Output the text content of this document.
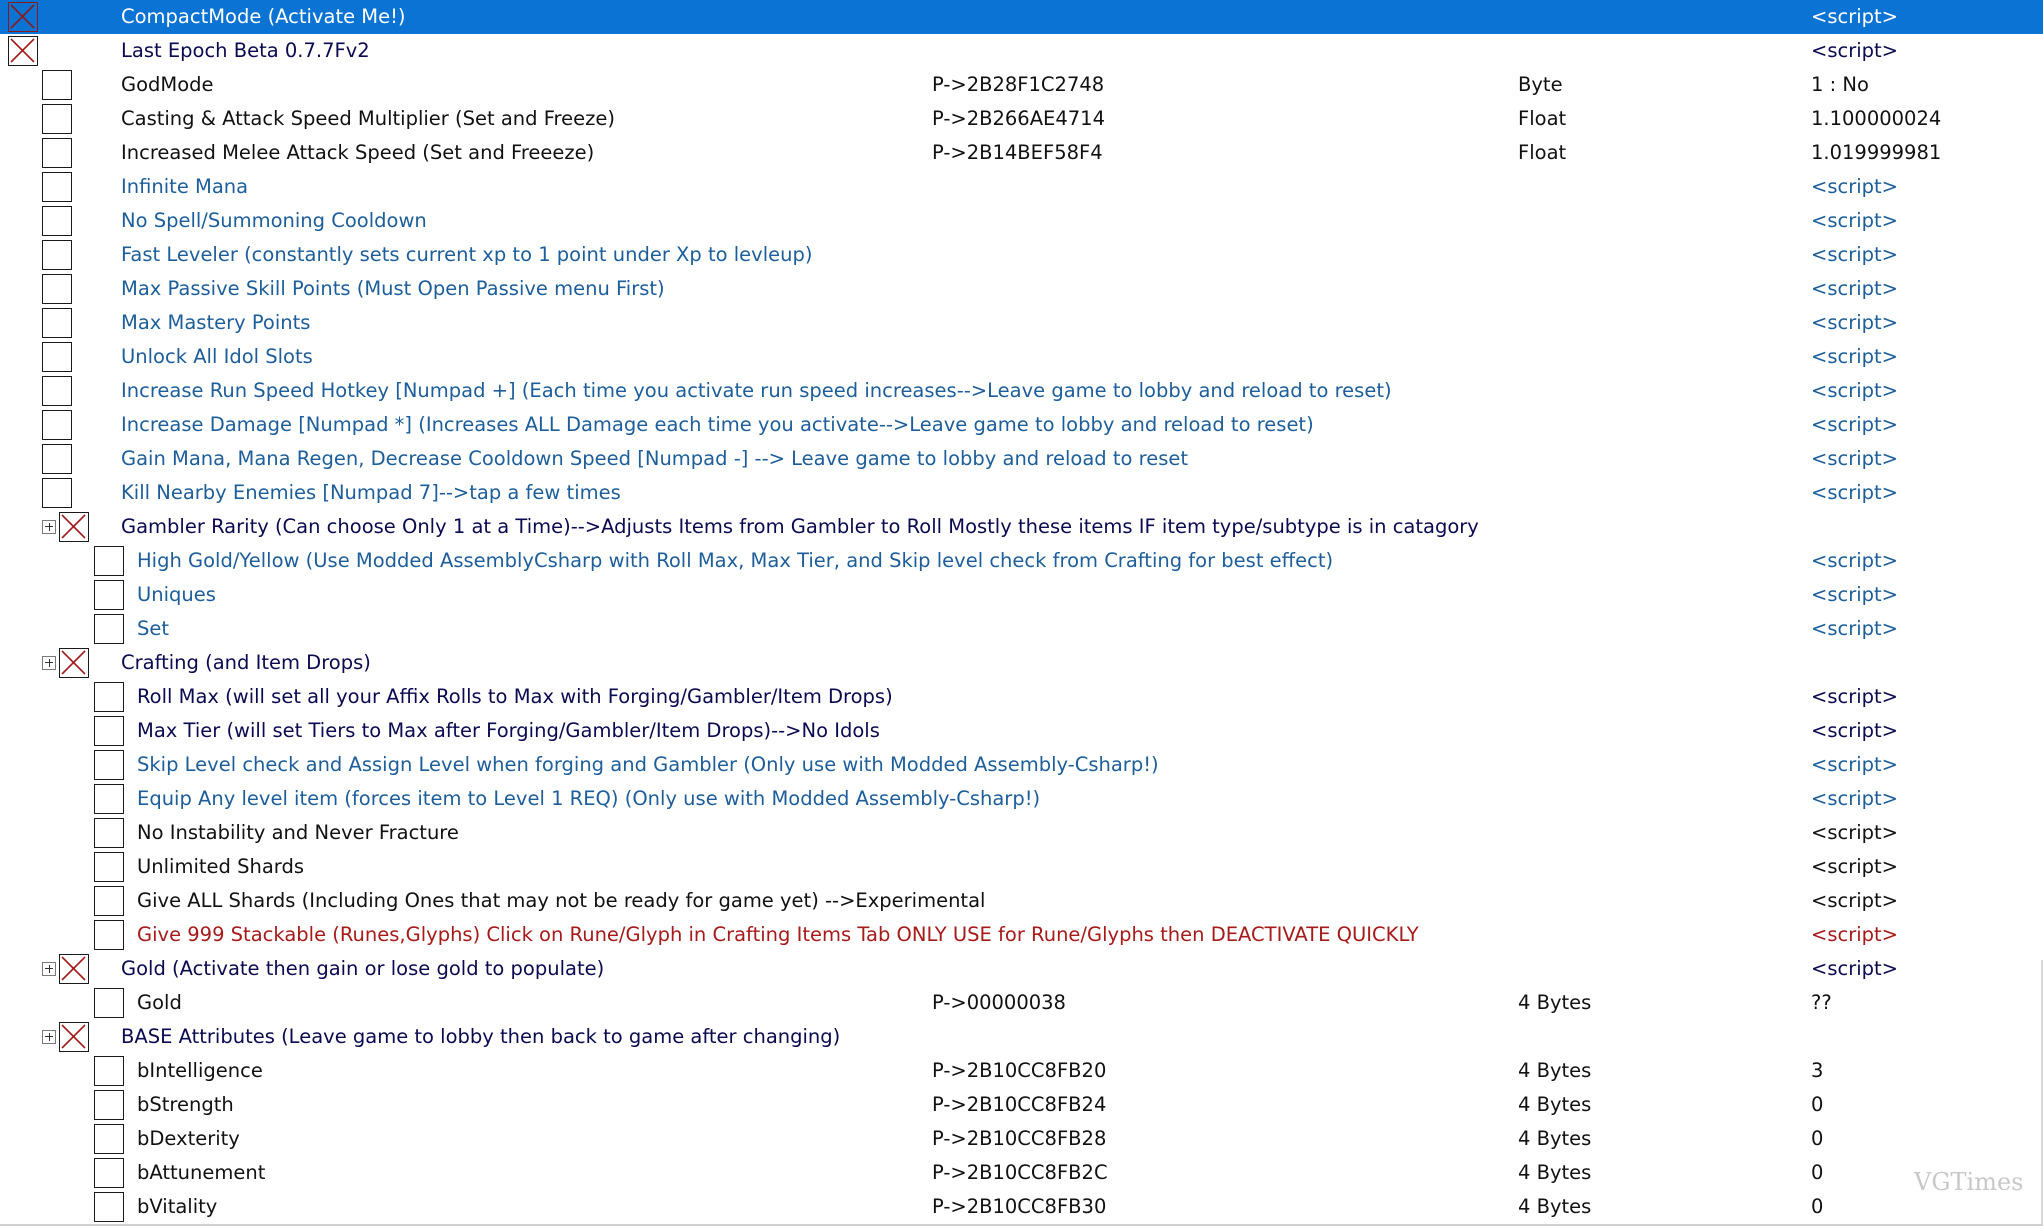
CompactMode (Activate Me!)	<script>
Last Epoch Beta 0.7.7Fv2	<script>
GodMode	P->2B28F1C2748	Byte	1 : No
Casting & Attack Speed Multiplier (Set and Freeze)	P->2B266AE4714	Float	1.100000024
Increased Melee Attack Speed (Set and Freeeze)	P->2B14BEF58F4	Float	1.019999981
Infinite Mana	<script>
No Spell/Summoning Cooldown	<script>
Fast Leveler (constantly sets current xp to 1 point under Xp to levleup)	<script>
Max Passive Skill Points (Must Open Passive menu First)	<script>
Max Mastery Points	<script>
Unlock All Idol Slots	<script>
Increase Run Speed Hotkey [Numpad +] (Each time you activate run speed increases-->Leave game to lobby and reload to reset)	<script>
Increase Damage [Numpad *] (Increases ALL Damage each time you activate-->Leave game to lobby and reload to reset)	<script>
Gain Mana, Mana Regen, Decrease Cooldown Speed [Numpad -] --> Leave game to lobby and reload to reset	<script>
Kill Nearby Enemies [Numpad 7]-->tap a few times	<script>
Gambler Rarity (Can choose Only 1 at a Time)-->Adjusts Items from Gambler to Roll Mostly these items IF item type/subtype is in catagory
High Gold/Yellow (Use Modded AssemblyCsharp with Roll Max, Max Tier, and Skip level check from Crafting for best effect)	<script>
Uniques	<script>
Set	<script>
Crafting (and Item Drops)
Roll Max (will set all your Affix Rolls to Max with Forging/Gambler/Item Drops)	<script>
Max Tier (will set Tiers to Max after Forging/Gambler/Item Drops)-->No Idols	<script>
Skip Level check and Assign Level when forging and Gambler (Only use with Modded Assembly-Csharp!)	<script>
Equip Any level item (forces item to Level 1 REQ) (Only use with Modded Assembly-Csharp!)	<script>
No Instability and Never Fracture	<script>
Unlimited Shards	<script>
Give ALL Shards (Including Ones that may not be ready for game yet) -->Experimental	<script>
Give 999 Stackable (Runes,Glyphs) Click on Rune/Glyph in Crafting Items Tab ONLY USE for Rune/Glyphs then DEACTIVATE QUICKLY	<script>
Gold (Activate then gain or lose gold to populate)	<script>
Gold	P->00000038	4 Bytes	??
BASE Attributes (Leave game to lobby then back to game after changing)
bIntelligence	P->2B10CC8FB20	4 Bytes	3
bStrength	P->2B10CC8FB24	4 Bytes	0
bDexterity	P->2B10CC8FB28	4 Bytes	0
bAttunement	P->2B10CC8FB2C	4 Bytes	0
bVitality	P->2B10CC8FB30	4 Bytes	0
VGTimes
